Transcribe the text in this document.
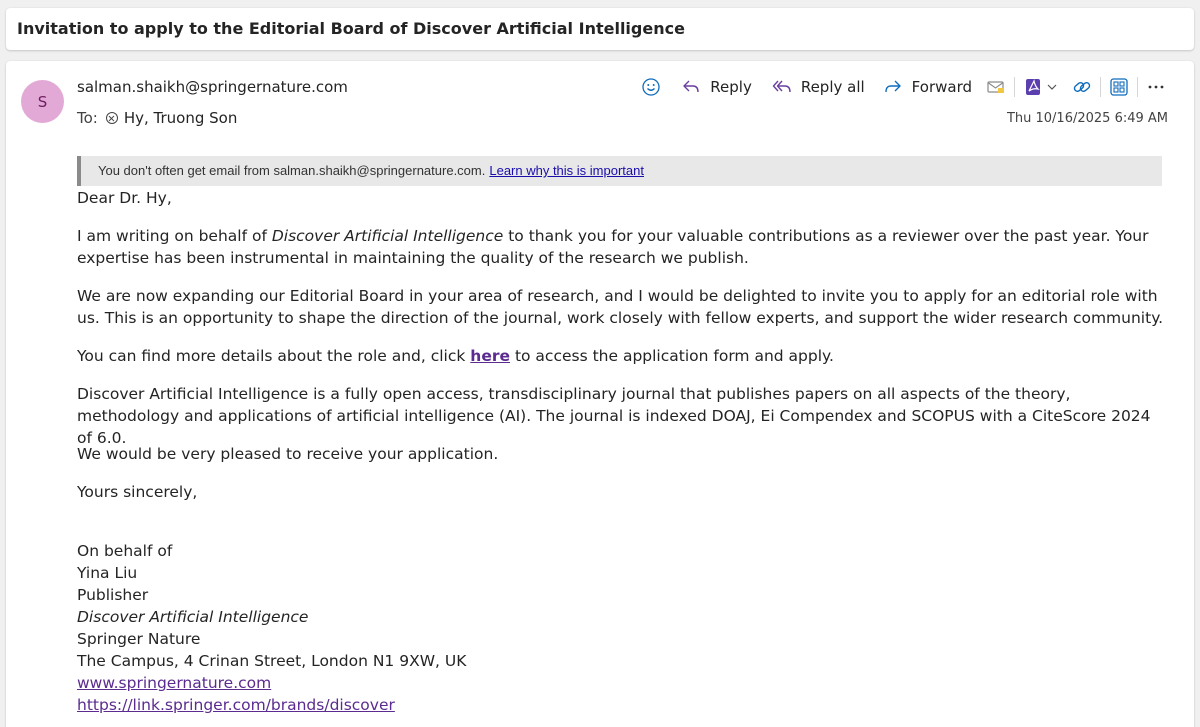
Invitation to apply to the Editorial Board of Discover Artificial Intelligence
S
salman.shaikh@springernature.com
To: Hy, Truong Son	Thu 10/16/2025 6:49 AM
Reply	Reply all	Forward
You don't often get email from salman.shaikh@springernature.com. Learn why this is important
Dear Dr. Hy,
I am writing on behalf of Discover Artificial Intelligence to thank you for your valuable contributions as a reviewer over the past year. Your expertise has been instrumental in maintaining the quality of the research we publish.
We are now expanding our Editorial Board in your area of research, and I would be delighted to invite you to apply for an editorial role with us. This is an opportunity to shape the direction of the journal, work closely with fellow experts, and support the wider research community.
You can find more details about the role and, click here to access the application form and apply.
Discover Artificial Intelligence is a fully open access, transdisciplinary journal that publishes papers on all aspects of the theory, methodology and applications of artificial intelligence (AI). The journal is indexed DOAJ, Ei Compendex and SCOPUS with a CiteScore 2024 of 6.0.
We would be very pleased to receive your application.
Yours sincerely,
On behalf of
Yina Liu
Publisher
Discover Artificial Intelligence
Springer Nature
The Campus, 4 Crinan Street, London N1 9XW, UK
www.springernature.com
https://link.springer.com/brands/discover
